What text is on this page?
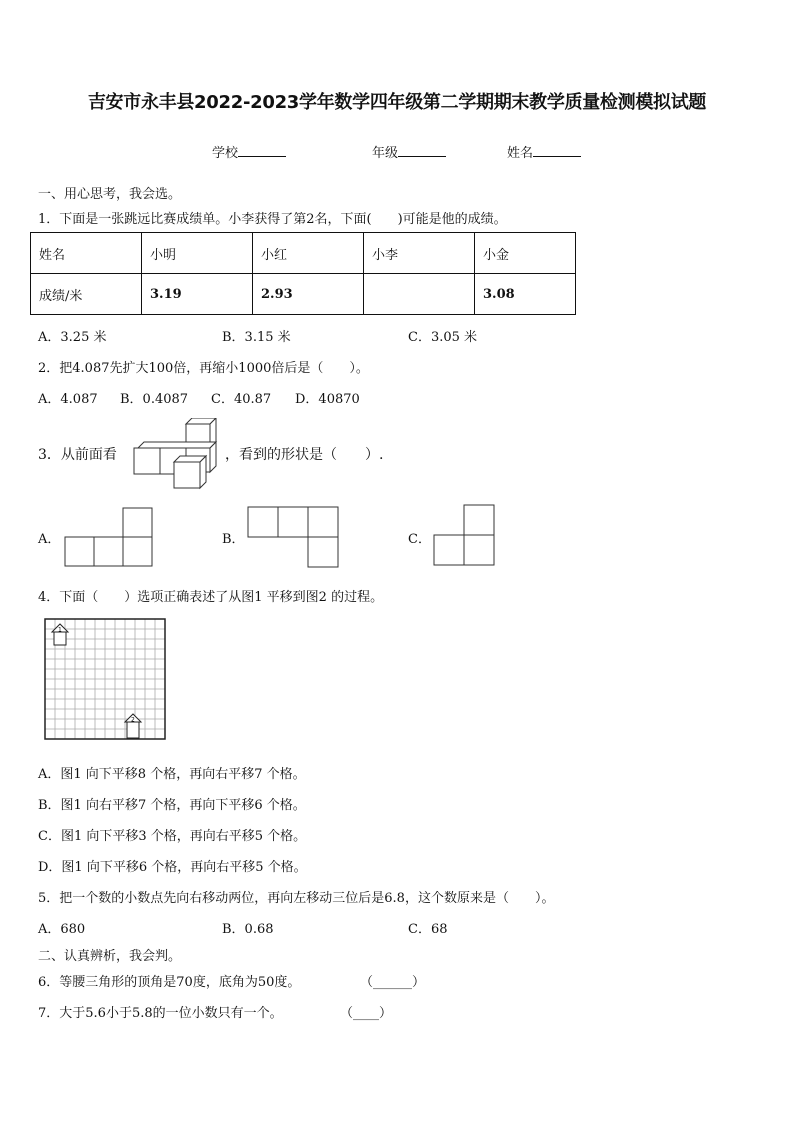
吉安市永丰县2022-2023学年数学四年级第二学期期末教学质量检测模拟试题
学校	年级	姓名
一、用心思考，我会选。
1．下面是一张跳远比赛成绩单。小李获得了第2名，下面(　　)可能是他的成绩。
姓名	小明	小红	小李	小金
成绩/米	3.19	2.93		3.08
A．3.25 米	B．3.15 米	C．3.05 米
2．把4.087先扩大100倍，再缩小1000倍后是（　　）。
A．4.087 B．0.4087 C．40.87 D．40870
3．从前面看	，看到的形状是（　　）.
A．	B．	C．
4．下面（　　）选项正确表述了从图1 平移到图2 的过程。
1
2
A．图1 向下平移8 个格，再向右平移7 个格。
B．图1 向右平移7 个格，再向下平移6 个格。
C．图1 向下平移3 个格，再向右平移5 个格。
D．图1 向下平移6 个格，再向右平移5 个格。
5．把一个数的小数点先向右移动两位，再向左移动三位后是6.8，这个数原来是（　　）。
A．680	B．0.68	C．68
二、认真辨析，我会判。
6．等腰三角形的顶角是70度，底角为50度。	（______）
7．大于5.6小于5.8的一位小数只有一个。	（____）
